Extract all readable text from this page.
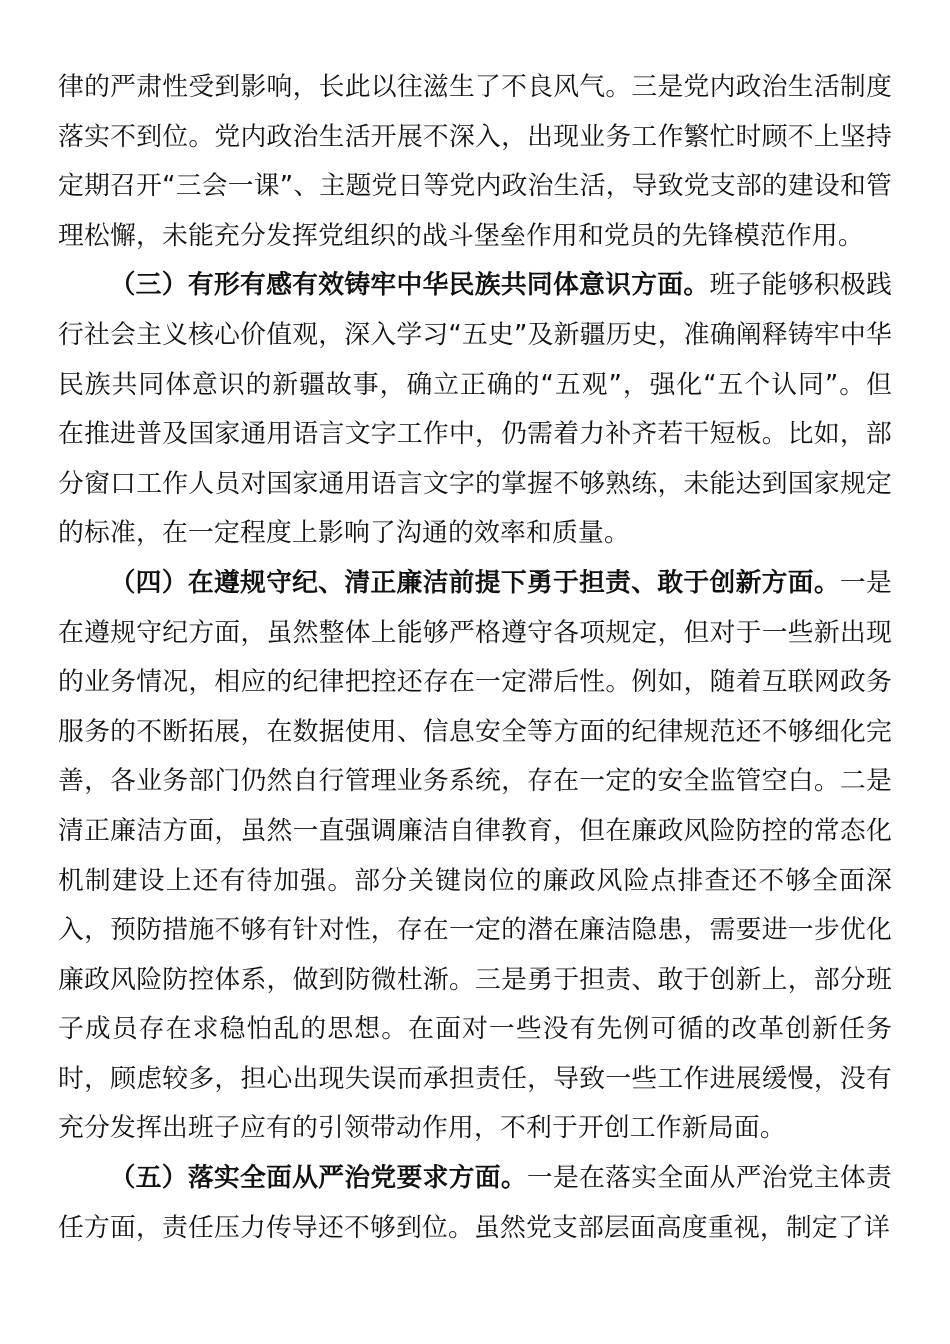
律的严肃性受到影响，长此以往滋生了不良风气。三是党内政治生活制度落实不到位。党内政治生活开展不深入，出现业务工作繁忙时顾不上坚持定期召开“三会一课”、主题党日等党内政治生活，导致党支部的建设和管理松懈，未能充分发挥党组织的战斗堡垒作用和党员的先锋模范作用。

（三）有形有感有效铸牢中华民族共同体意识方面。班子能够积极践行社会主义核心价值观，深入学习“五史”及新疆历史，准确阐释铸牢中华民族共同体意识的新疆故事，确立正确的“五观”，强化“五个认同”。但在推进普及国家通用语言文字工作中，仍需着力补齐若干短板。比如，部分窗口工作人员对国家通用语言文字的掌握不够熟练，未能达到国家规定的标准，在一定程度上影响了沟通的效率和质量。

（四）在遵规守纪、清正廉洁前提下勇于担责、敢于创新方面。一是在遵规守纪方面，虽然整体上能够严格遵守各项规定，但对于一些新出现的业务情况，相应的纪律把控还存在一定滞后性。例如，随着互联网政务服务的不断拓展，在数据使用、信息安全等方面的纪律规范还不够细化完善，各业务部门仍然自行管理业务系统，存在一定的安全监管空白。二是清正廉洁方面，虽然一直强调廉洁自律教育，但在廉政风险防控的常态化机制建设上还有待加强。部分关键岗位的廉政风险点排查还不够全面深入，预防措施不够有针对性，存在一定的潜在廉洁隐患，需要进一步优化廉政风险防控体系，做到防微杜渐。三是勇于担责、敢于创新上，部分班子成员存在求稳怕乱的思想。在面对一些没有先例可循的改革创新任务时，顾虑较多，担心出现失误而承担责任，导致一些工作进展缓慢，没有充分发挥出班子应有的引领带动作用，不利于开创工作新局面。

（五）落实全面从严治党要求方面。一是在落实全面从严治党主体责任方面，责任压力传导还不够到位。虽然党支部层面高度重视，制定了详
